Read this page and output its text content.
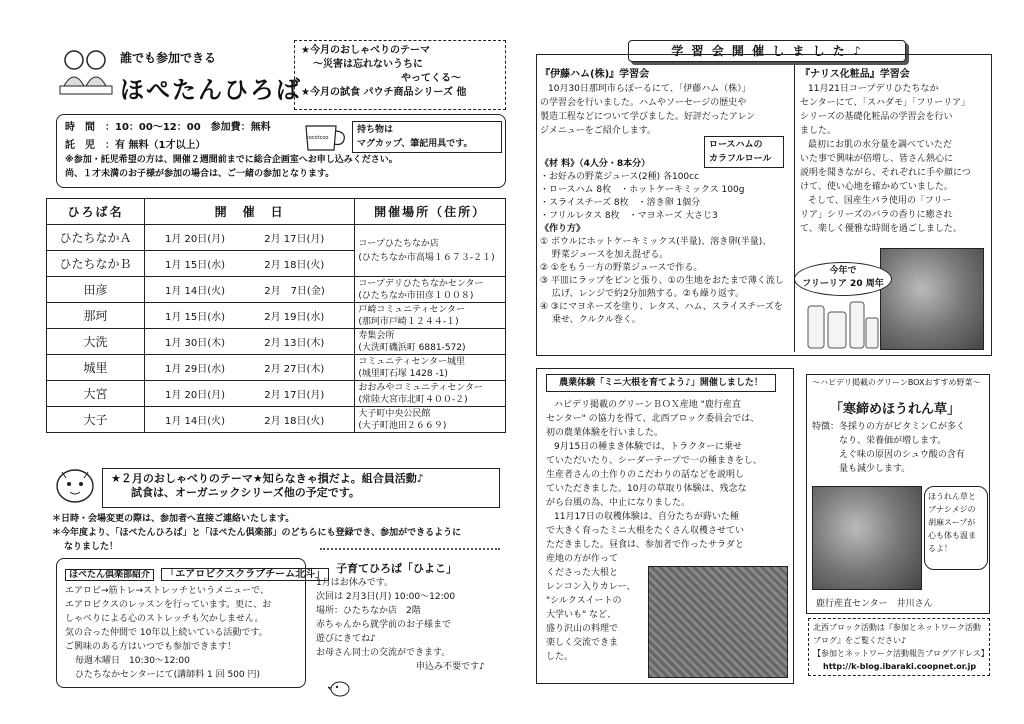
誰でも参加できる
ほぺたんひろば
★今月のおしゃべりのテーマ
～災害は忘れないうちに
やってくる～
★今月の試食 パウチ商品シリーズ 他
時　間　：10：00～12：00　参加費：無料
託　児　：有 無料（1才以上）
※参加・託児希望の方は、開催２週間前までに総合企画室へお申し込みください。
尚、１才未満のお子様が参加の場合は、ご一緒の参加となります。
cocotcoo
持ち物は
マグカップ、筆記用具です。
ひろば名	開　催　日		開催場所（住所）
ひたちなかＡ	1月 20日(月)	2月 17日(月)	コープひたちなか店
(ひたちなか市高場１６７３-２１)

ひたちなかＢ	1月 15日(水)	2月 18日(火)	
田彦	1月 14日(火)	2月　7日(金)	コープデリひたちなかセンター
(ひたちなか市田彦１００８)

那珂	1月 15日(水)	2月 19日(水)	戸崎コミュニティセンター
(那珂市戸崎１２４４-１)

大洗	1月 30日(木)	2月 13日(木)	寿集会所
(大洗町磯浜町 6881-572)

城里	1月 29日(水)	2月 27日(木)	コミュニティセンター城里
(城里町石塚 1428 -1)

大宮	1月 20日(月)	2月 17日(月)	おおみやコミュニティセンター
(常陸大宮市北町４００-２)

大子	1月 14日(火)	2月 18日(火)	大子町中央公民館
(大子町池田２６６９)
★２月のおしゃべりのテーマ★知らなきゃ損だよ。組合員活動♪
試食は、オーガニックシリーズ他の予定です。
＊日時・会場変更の際は、参加者へ直接ご連絡いたします。
＊今年度より、「ほぺたんひろば」と「ほぺたん倶楽部」のどちらにも登録でき、参加ができるように
なりました！
ほぺたん倶楽部紹介 「エアロビクスクラブチーム北斗」
エアロビ→筋トレ→ストレッチというメニューで、
エアロビクスのレッスンを行っています。更に、お
しゃべりによる心のストレッチも欠かしません。
気の合った仲間で 10年以上続いている活動です。
ご興味のある方はいつでも参加できます！
毎週木曜日　10:30～12:00
ひたちなかセンターにて(講師料 1 回 500 円)
子育てひろば「ひよこ」
1月はお休みです。
次回は 2月3日(月) 10:00～12:00
場所：ひたちなか店　2階
赤ちゃんから就学前のお子様まで
遊びにきてね♪
お母さん同士の交流ができます。
申込み不要です♪
学 習 会 開 催 し ま し た ♪
『伊藤ハム(株)』学習会
10月30日那珂市らぽーるにて、「伊藤ハム（株）」
の学習会を行いました。ハムやソーセージの歴史や
製造工程などについて学びました。好評だったアレン
ジメニューをご紹介します。
ロースハムの
カラフルロール
《材 料》（4人分・8本分）
・お好みの野菜ジュース(2種) 各100cc
・ロースハム 8枚　・ホットケーキミックス 100g
・スライスチーズ 8枚　・溶き卵 1個分
・フリルレタス 8枚　・マヨネーズ 大さじ3
《作り方》
① ボウルにホットケーキミックス(半量)、溶き卵(半量)、
　 野菜ジュースを加え混ぜる。
② ①をもう一方の野菜ジュースで作る。
③ 平皿にラップをピンと張り、①の生地をおたまで薄く流し
　 広げ、レンジで約2分加熱する。②も繰り返す。
④ ③にマヨネーズを塗り、レタス、ハム、スライスチーズを
　 乗せ、クルクル巻く。
『ナリス化粧品』学習会
11月21日コープデリひたちなか
センターにて、「スハダモ」「フリーリア」
シリーズの基礎化粧品の学習会を行い
ました。
最初にお肌の水分量を調べていただ
いた事で興味が倍増し、皆さん熱心に
説明を聞きながら、それぞれに手や顔につ
けて、使い心地を確かめていました。
そして、国産生パラ使用の「フリー
リア」シリーズのバラの香りに癒され
て、楽しく優雅な時間を過ごしました。
今年で
フリーリア 20 周年
農業体験「ミニ大根を育てよう♪」開催しました！
ハピデリ掲載のグリーンＢＯＸ産地 "鹿行産直
センター" の協力を得て、北西ブロック委員会では、
初の農業体験を行いました。
9月15日の種まき体験では、トラクターに乗せ
ていただいたり、シーダーテープで一の種まきをし、
生産者さんの土作りのこだわりの話などを説明し
ていただきました。10月の草取り体験は、残念な
がら台風の為、中止になりました。
11月17日の収穫体験は、自分たちが蒔いた種
で大きく育ったミニ大根をたくさん収穫させてい
ただきました。昼食は、参加者で作ったサラダと
産地の方が作って
くださった大根と
レンコン入りカレー、
"シルクスイートの
大学いも" など、
盛り沢山の料理で
楽しく交流できま
した。
～ハピデリ掲載のグリーンBOXおすすめ野菜～
「寒締めほうれん草」
特徴：冬採りの方がビタミンＣが多く
　　　なり、栄養価が増します。
　　　えぐ味の原因のシュウ酸の含有
　　　量も減少します。
ほうれん草と
ブナシメジの
胡麻スープが
心も体も温ま
るよ！
鹿行産直センター　井川さん
北西ブロック活動は『参加とネットワーク活動
ブログ』をご覧ください♪
【参加とネットワーク活動報告ブログアドレス】
http://k-blog.ibaraki.coopnet.or.jp
